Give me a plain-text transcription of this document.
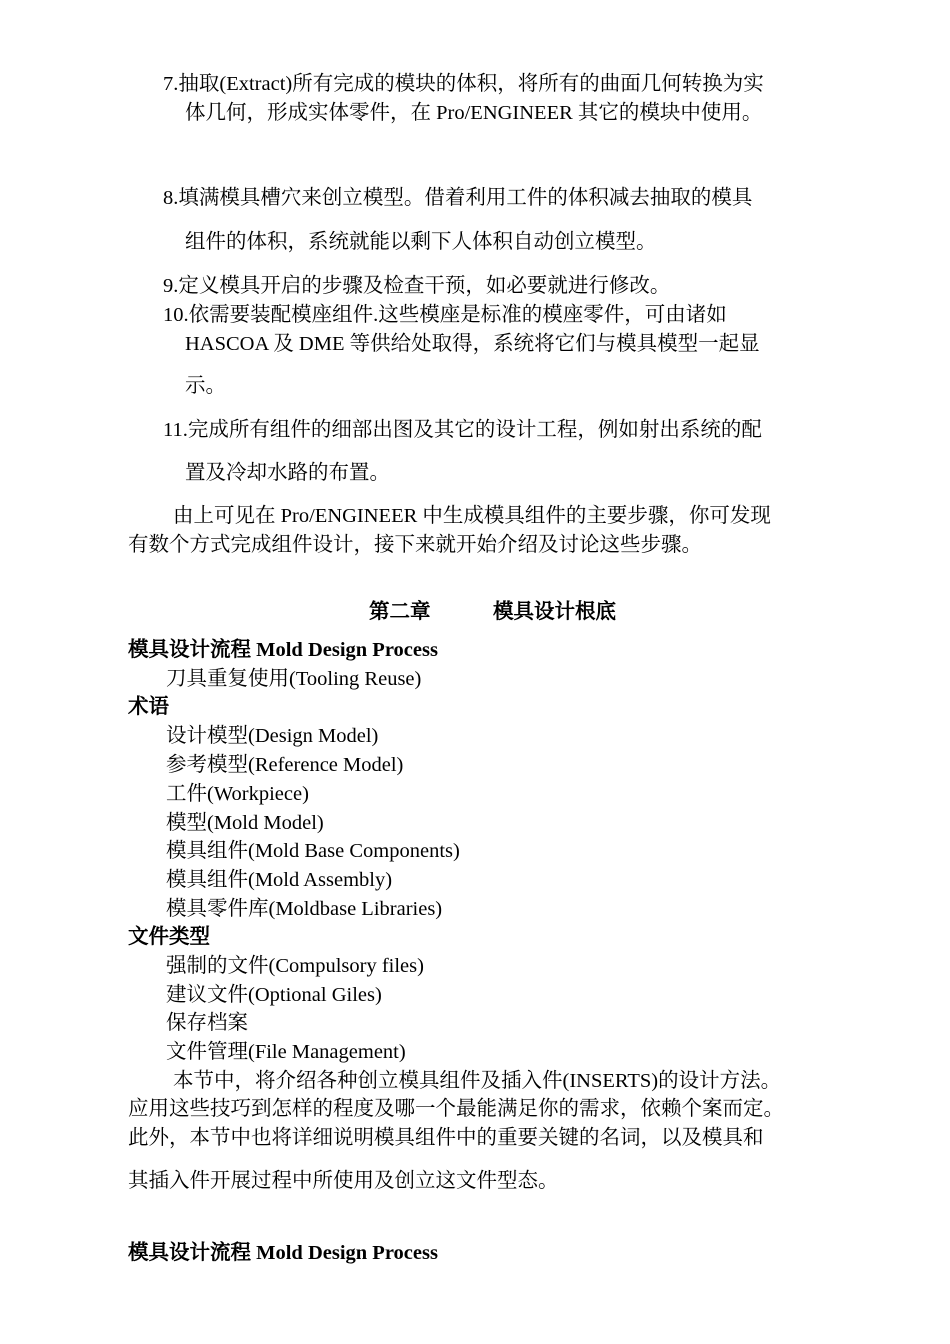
7.抽取(Extract)所有完成的模块的体积，将所有的曲面几何转换为实
体几何，形成实体零件，在 Pro/ENGINEER 其它的模块中使用。
8.填满模具槽穴来创立模型。借着利用工件的体积减去抽取的模具
组件的体积，系统就能以剩下人体积自动创立模型。
9.定义模具开启的步骤及检查干预，如必要就进行修改。
10.依需要装配模座组件.这些模座是标准的模座零件，可由诸如
HASCOA 及 DME 等供给处取得，系统将它们与模具模型一起显
示。
11.完成所有组件的细部出图及其它的设计工程，例如射出系统的配
置及冷却水路的布置。
由上可见在 Pro/ENGINEER 中生成模具组件的主要步骤，你可发现
有数个方式完成组件设计，接下来就开始介绍及讨论这些步骤。
第二章	模具设计根底
模具设计流程 Mold Design Process
刀具重复使用(Tooling Reuse)
术语
设计模型(Design Model)
参考模型(Reference Model)
工件(Workpiece)
模型(Mold Model)
模具组件(Mold Base Components)
模具组件(Mold Assembly)
模具零件库(Moldbase Libraries)
文件类型
强制的文件(Compulsory files)
建议文件(Optional Giles)
保存档案
文件管理(File Management)
本节中，将介绍各种创立模具组件及插入件(INSERTS)的设计方法。
应用这些技巧到怎样的程度及哪一个最能满足你的需求，依赖个案而定。
此外，本节中也将详细说明模具组件中的重要关键的名词，以及模具和
其插入件开展过程中所使用及创立这文件型态。
模具设计流程 Mold Design Process
